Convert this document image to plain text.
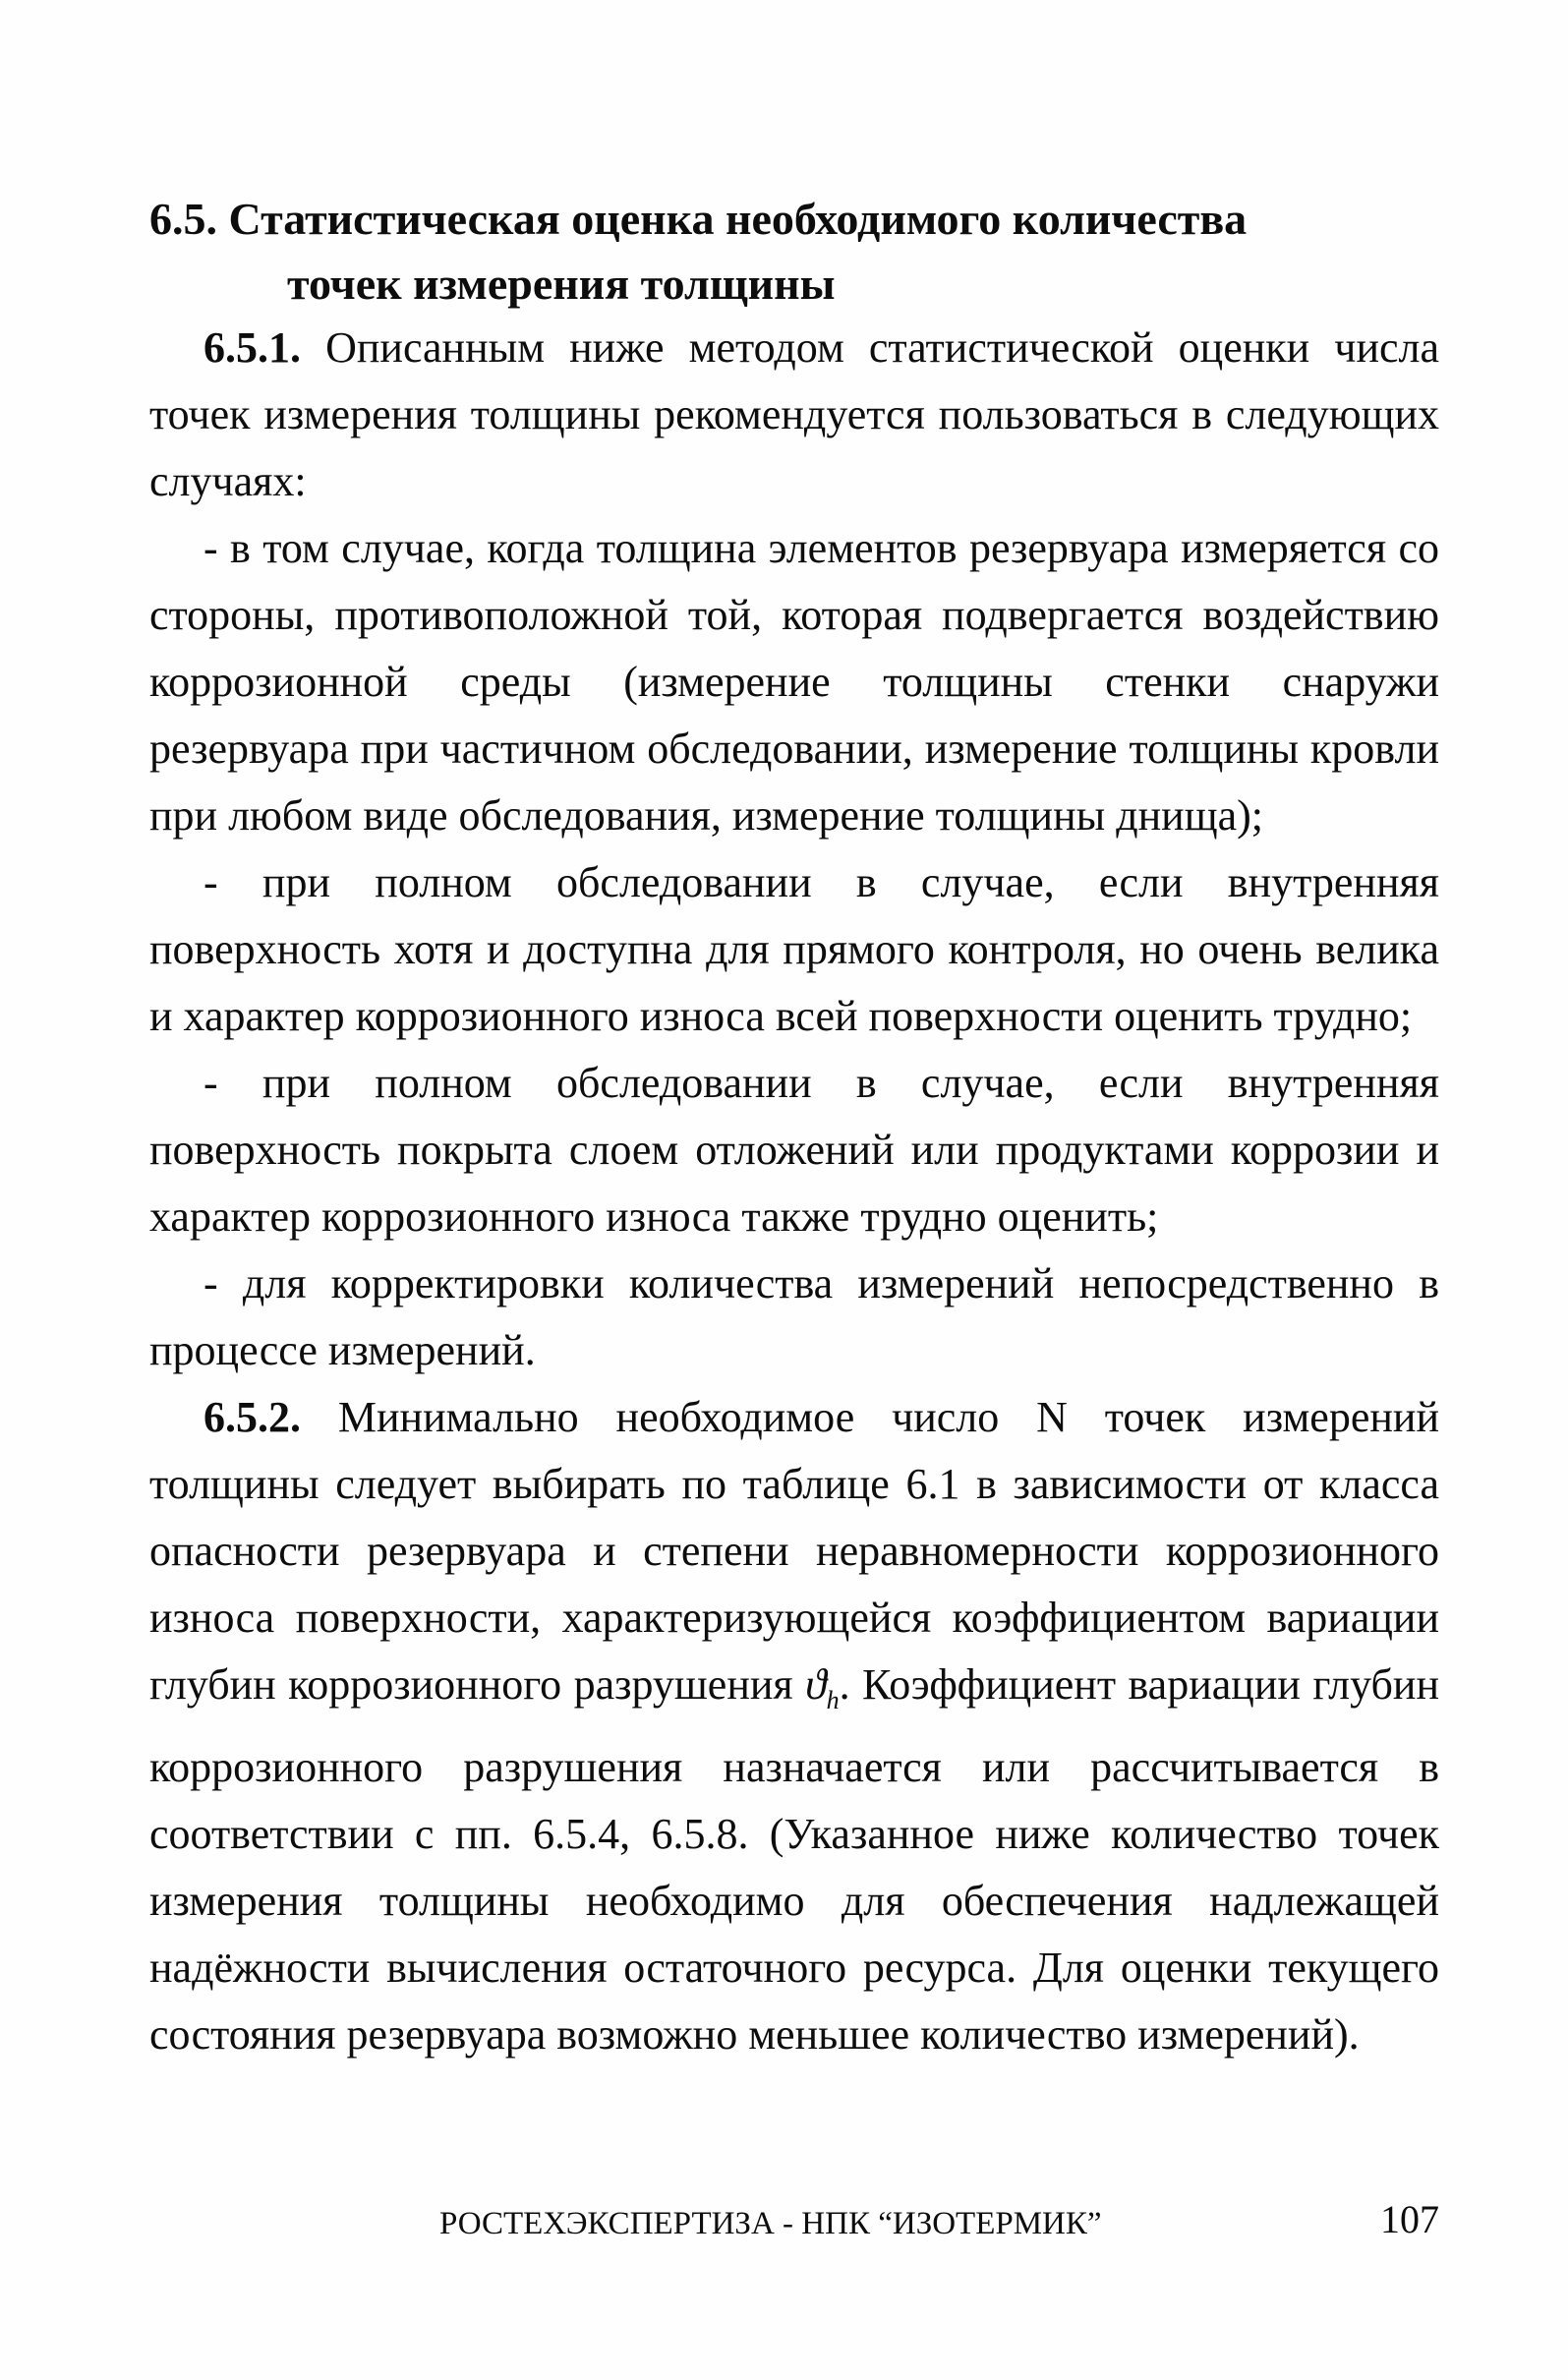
6.5. Статистическая оценка необходимого количества
точек измерения толщины

6.5.1. Описанным ниже методом статистической оценки числа точек измерения толщины рекомендуется пользоваться в следующих случаях:

- в том случае, когда толщина элементов резервуара измеряется со стороны, противоположной той, которая подвергается воздействию коррозионной среды (измерение толщины стенки снаружи резервуара при частичном обследовании, измерение толщины кровли при любом виде обследования, измерение толщины днища);

- при полном обследовании в случае, если внутренняя поверхность хотя и доступна для прямого контроля, но очень велика и характер коррозионного износа всей поверхности оценить трудно;

- при полном обследовании в случае, если внутренняя поверхность покрыта слоем отложений или продуктами коррозии и характер коррозионного износа также трудно оценить;

- для корректировки количества измерений непосредственно в процессе измерений.

6.5.2. Минимально необходимое число N точек измерений толщины следует выбирать по таблице 6.1 в зависимости от класса опасности резервуара и степени неравномерности коррозионного износа поверхности, характеризующейся коэффициентом вариации глубин коррозионного разрушения $ϑ_h$. Коэффициент вариации глубин коррозионного разрушения назначается или рассчитывается в соответствии с пп. 6.5.4, 6.5.8. (Указанное ниже количество точек измерения толщины необходимо для обеспечения надлежащей надёжности вычисления остаточного ресурса. Для оценки текущего состояния резервуара возможно меньшее количество измерений).

РОСТЕХЭКСПЕРТИЗА - НПК “ИЗОТЕРМИК”	107
